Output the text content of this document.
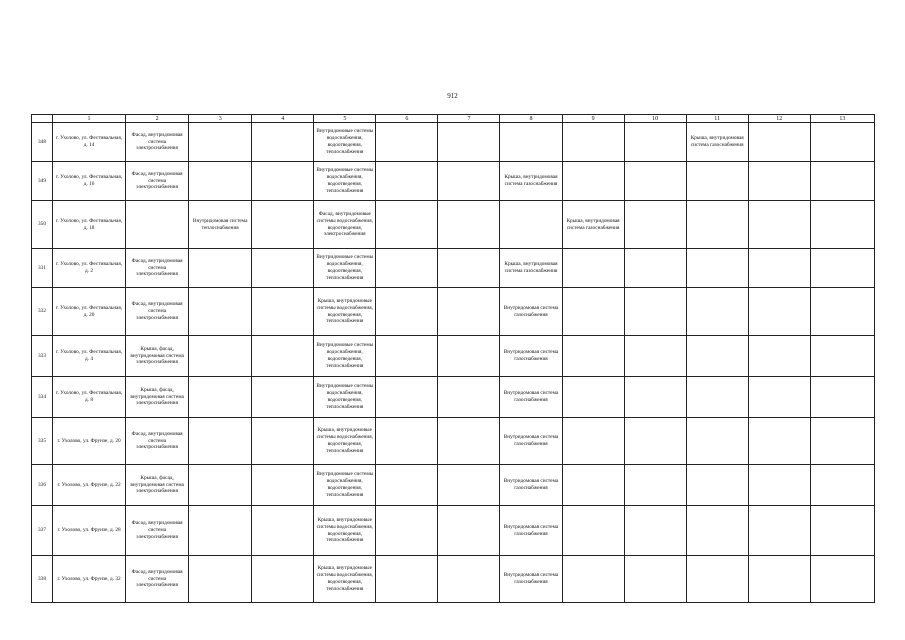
912
	1	2	3	4	5	6	7	8	9	10	11	12	13
348	г. Ухолово, ул. Фестивальная, д. 14	Фасад, внутридомовая система электроснабжения			Внутридомовые системы водоснабжения, водоотведения, теплоснабжения						Крыша, внутридомовая система газоснабжения		
349	г. Ухолово, ул. Фестивальная, д. 16	Фасад, внутридомовая система электроснабжения			Внутридомовые системы водоснабжения, водоотведения, теплоснабжения			Крыша, внутридомовая система газоснабжения					
350	г. Ухолово, ул. Фестивальная, д. 18		Внутридомовая система теплоснабжения		Фасад, внутридомовые системы водоснабжения, водоотведения, электроснабжения				Крыша, внутридомовая система газоснабжения				
331	г. Ухолово, ул. Фестивальная, д. 2	Фасад, внутридомовая система электроснабжения			Внутридомовые системы водоснабжения, водоотведения, теплоснабжения			Крыша, внутридомовая система газоснабжения					
332	г. Ухолово, ул. Фестивальная, д. 20	Фасад, внутридомовая система электроснабжения			Крыша, внутридомовые системы водоснабжения, водоотведения, теплоснабжения			Внутридомовая система газоснабжения					
333	г. Ухолово, ул. Фестивальная, д. 4	Крыша, фасад, внутридомовая система электроснабжения			Внутридомовые системы водоснабжения, водоотведения, теплоснабжения			Внутридомовая система газоснабжения					
334	г. Ухолово, ул. Фестивальная, д. 8	Крыша, фасад, внутридомовая система электроснабжения			Внутридомовые системы водоснабжения, водоотведения, теплоснабжения			Внутридомовая система газоснабжения					
335	г. Ухолово, ул. Фрунзе, д. 20	Фасад, внутридомовая система электроснабжения			Крыша, внутридомовые системы водоснабжения, водоотведения, теплоснабжения			Внутридомовая система газоснабжения					
336	г. Ухолово, ул. Фрунзе, д. 22	Крыша, фасад, внутридомовая система электроснабжения			Внутридомовые системы водоснабжения, водоотведения, теплоснабжения			Внутридомовая система газоснабжения					
337	г. Ухолово, ул. Фрунзе, д. 28	Фасад, внутридомовая система электроснабжения			Крыша, внутридомовые системы водоснабжения, водоотведения, теплоснабжения			Внутридомовая система газоснабжения					
338	г. Ухолово, ул. Фрунзе, д. 32	Фасад, внутридомовая система электроснабжения			Крыша, внутридомовые системы водоснабжения, водоотведения, теплоснабжения			Внутридомовая система газоснабжения					
